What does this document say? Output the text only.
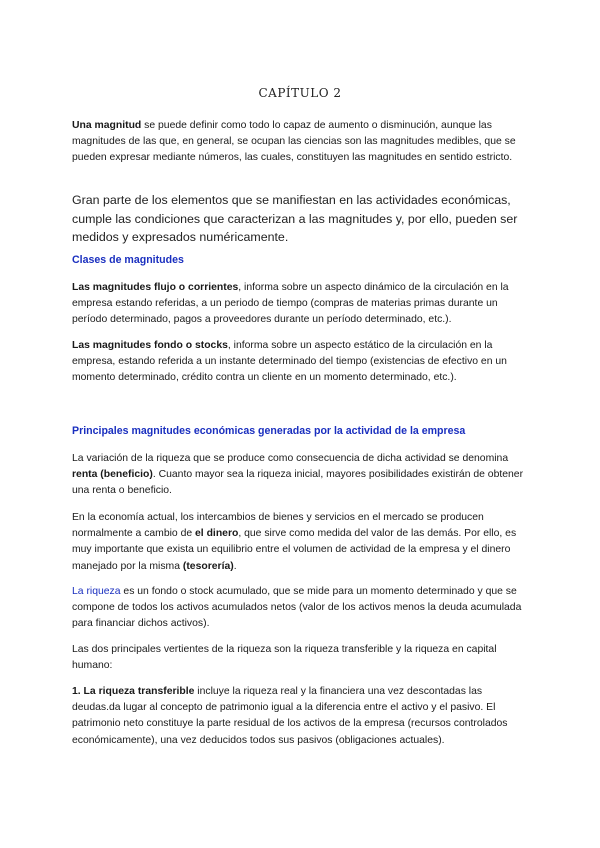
CAPÍTULO 2
Una magnitud se puede definir como todo lo capaz de aumento o disminución, aunque las magnitudes de las que, en general, se ocupan las ciencias son las magnitudes medibles, que se pueden expresar mediante números, las cuales, constituyen las magnitudes en sentido estricto.
Gran parte de los elementos que se manifiestan en las actividades económicas, cumple las condiciones que caracterizan a las magnitudes y, por ello, pueden ser medidos y expresados numéricamente.
Clases de magnitudes
Las magnitudes flujo o corrientes, informa sobre un aspecto dinámico de la circulación en la empresa estando referidas, a un periodo de tiempo (compras de materias primas durante un período determinado, pagos a proveedores durante un período determinado, etc.).
Las magnitudes fondo o stocks, informa sobre un aspecto estático de la circulación en la empresa, estando referida a un instante determinado del tiempo (existencias de efectivo en un momento determinado, crédito contra un cliente en un momento determinado, etc.).
Principales magnitudes económicas generadas por la actividad de la empresa
La variación de la riqueza que se produce como consecuencia de dicha actividad se denomina renta (beneficio). Cuanto mayor sea la riqueza inicial, mayores posibilidades existirán de obtener una renta o beneficio.
En la economía actual, los intercambios de bienes y servicios en el mercado se producen normalmente a cambio de el dinero, que sirve como medida del valor de las demás. Por ello, es muy importante que exista un equilibrio entre el volumen de actividad de la empresa y el dinero manejado por la misma (tesorería).
La riqueza es un fondo o stock acumulado, que se mide para un momento determinado y que se compone de todos los activos acumulados netos (valor de los activos menos la deuda acumulada para financiar dichos activos).
Las dos principales vertientes de la riqueza son la riqueza transferible y la riqueza en capital humano:
1. La riqueza transferible incluye la riqueza real y la financiera una vez descontadas las deudas.da lugar al concepto de patrimonio igual a la diferencia entre el activo y el pasivo. El patrimonio neto constituye la parte residual de los activos de la empresa (recursos controlados económicamente), una vez deducidos todos sus pasivos (obligaciones actuales).
